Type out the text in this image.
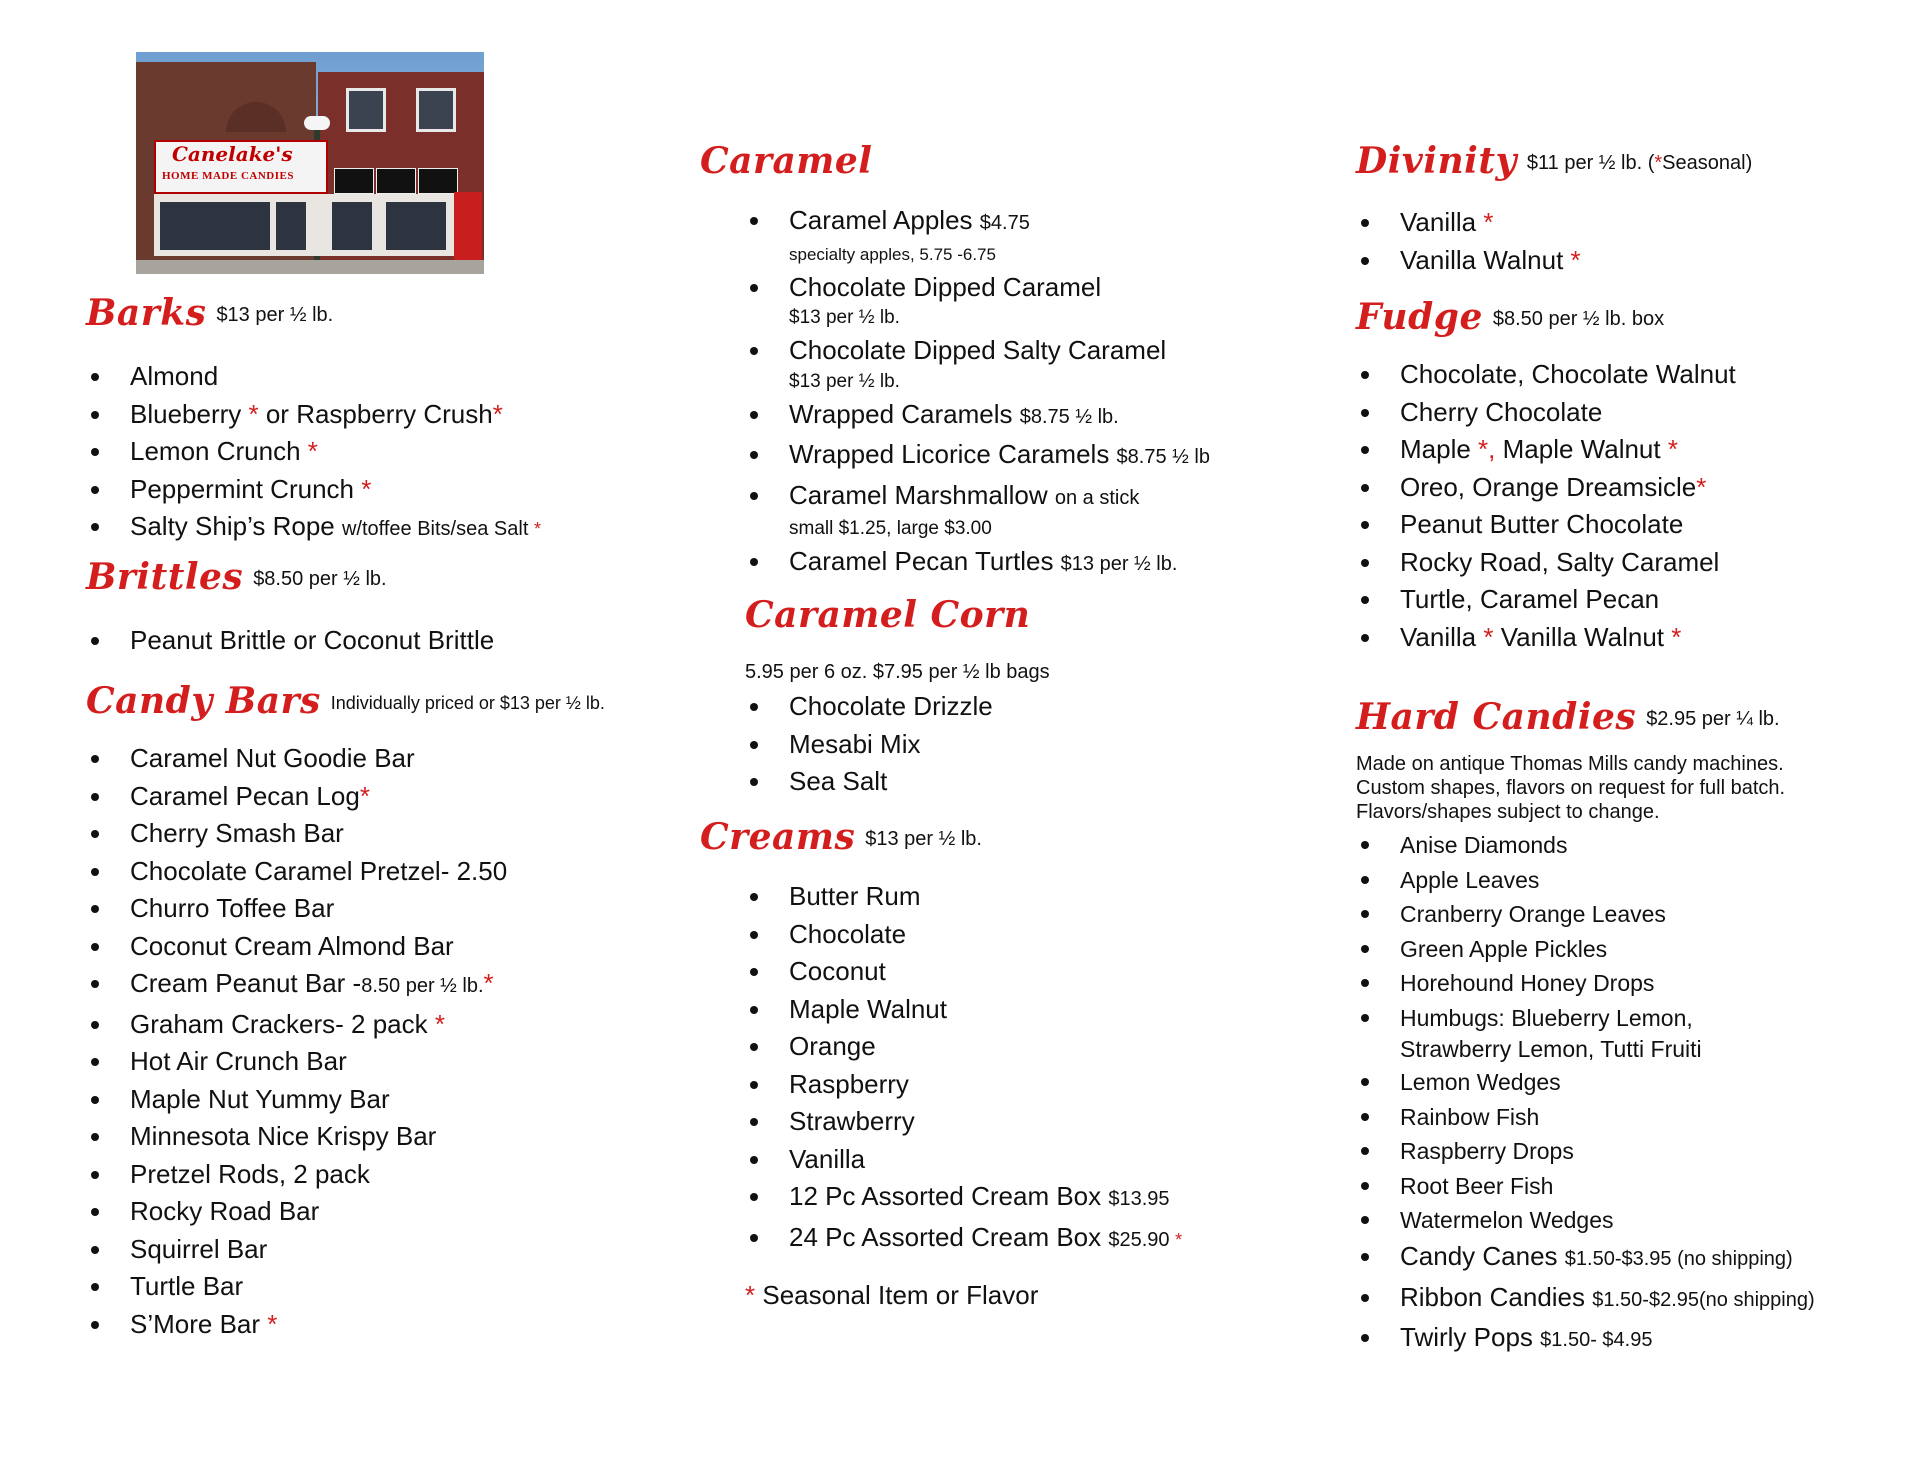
Canelake's
HOME MADE CANDIES
Barks $13 per ½ lb.
Almond
Blueberry * or Raspberry Crush*
Lemon Crunch *
Peppermint Crunch *
Salty Ship’s Rope w/toffee Bits/sea Salt *
Brittles $8.50 per ½ lb.
Peanut Brittle or Coconut Brittle
Candy Bars Individually priced or $13 per ½ lb.
Caramel Nut Goodie Bar
Caramel Pecan Log*
Cherry Smash Bar
Chocolate Caramel Pretzel- 2.50
Churro Toffee Bar
Coconut Cream Almond Bar
Cream Peanut Bar -8.50 per ½ lb.*
Graham Crackers- 2 pack *
Hot Air Crunch Bar
Maple Nut Yummy Bar
Minnesota Nice Krispy Bar
Pretzel Rods, 2 pack
Rocky Road Bar
Squirrel Bar
Turtle Bar
S’More Bar *
Caramel
Caramel Apples $4.75
specialty apples, 5.75 -6.75
Chocolate Dipped Caramel
$13 per ½ lb.
Chocolate Dipped Salty Caramel
$13 per ½ lb.
Wrapped Caramels $8.75 ½ lb.
Wrapped Licorice Caramels $8.75 ½ lb
Caramel Marshmallow on a stick
small $1.25, large $3.00
Caramel Pecan Turtles $13 per ½ lb.
Caramel Corn
5.95 per 6 oz. $7.95 per ½ lb bags
Chocolate Drizzle
Mesabi Mix
Sea Salt
Creams $13 per ½ lb.
Butter Rum
Chocolate
Coconut
Maple Walnut
Orange
Raspberry
Strawberry
Vanilla
12 Pc Assorted Cream Box $13.95
24 Pc Assorted Cream Box $25.90 *
* Seasonal Item or Flavor
Divinity $11 per ½ lb. (*Seasonal)
Vanilla *
Vanilla Walnut *
Fudge $8.50 per ½ lb. box
Chocolate, Chocolate Walnut
Cherry Chocolate
Maple *, Maple Walnut *
Oreo, Orange Dreamsicle*
Peanut Butter Chocolate
Rocky Road, Salty Caramel
Turtle, Caramel Pecan
Vanilla * Vanilla Walnut *
Hard Candies $2.95 per ¼ lb.
Made on antique Thomas Mills candy machines.
Custom shapes, flavors on request for full batch.
Flavors/shapes subject to change.
Anise Diamonds
Apple Leaves
Cranberry Orange Leaves
Green Apple Pickles
Horehound Honey Drops
Humbugs: Blueberry Lemon,
Strawberry Lemon, Tutti Fruiti
Lemon Wedges
Rainbow Fish
Raspberry Drops
Root Beer Fish
Watermelon Wedges
Candy Canes $1.50-$3.95 (no shipping)
Ribbon Candies $1.50-$2.95(no shipping)
Twirly Pops $1.50- $4.95
